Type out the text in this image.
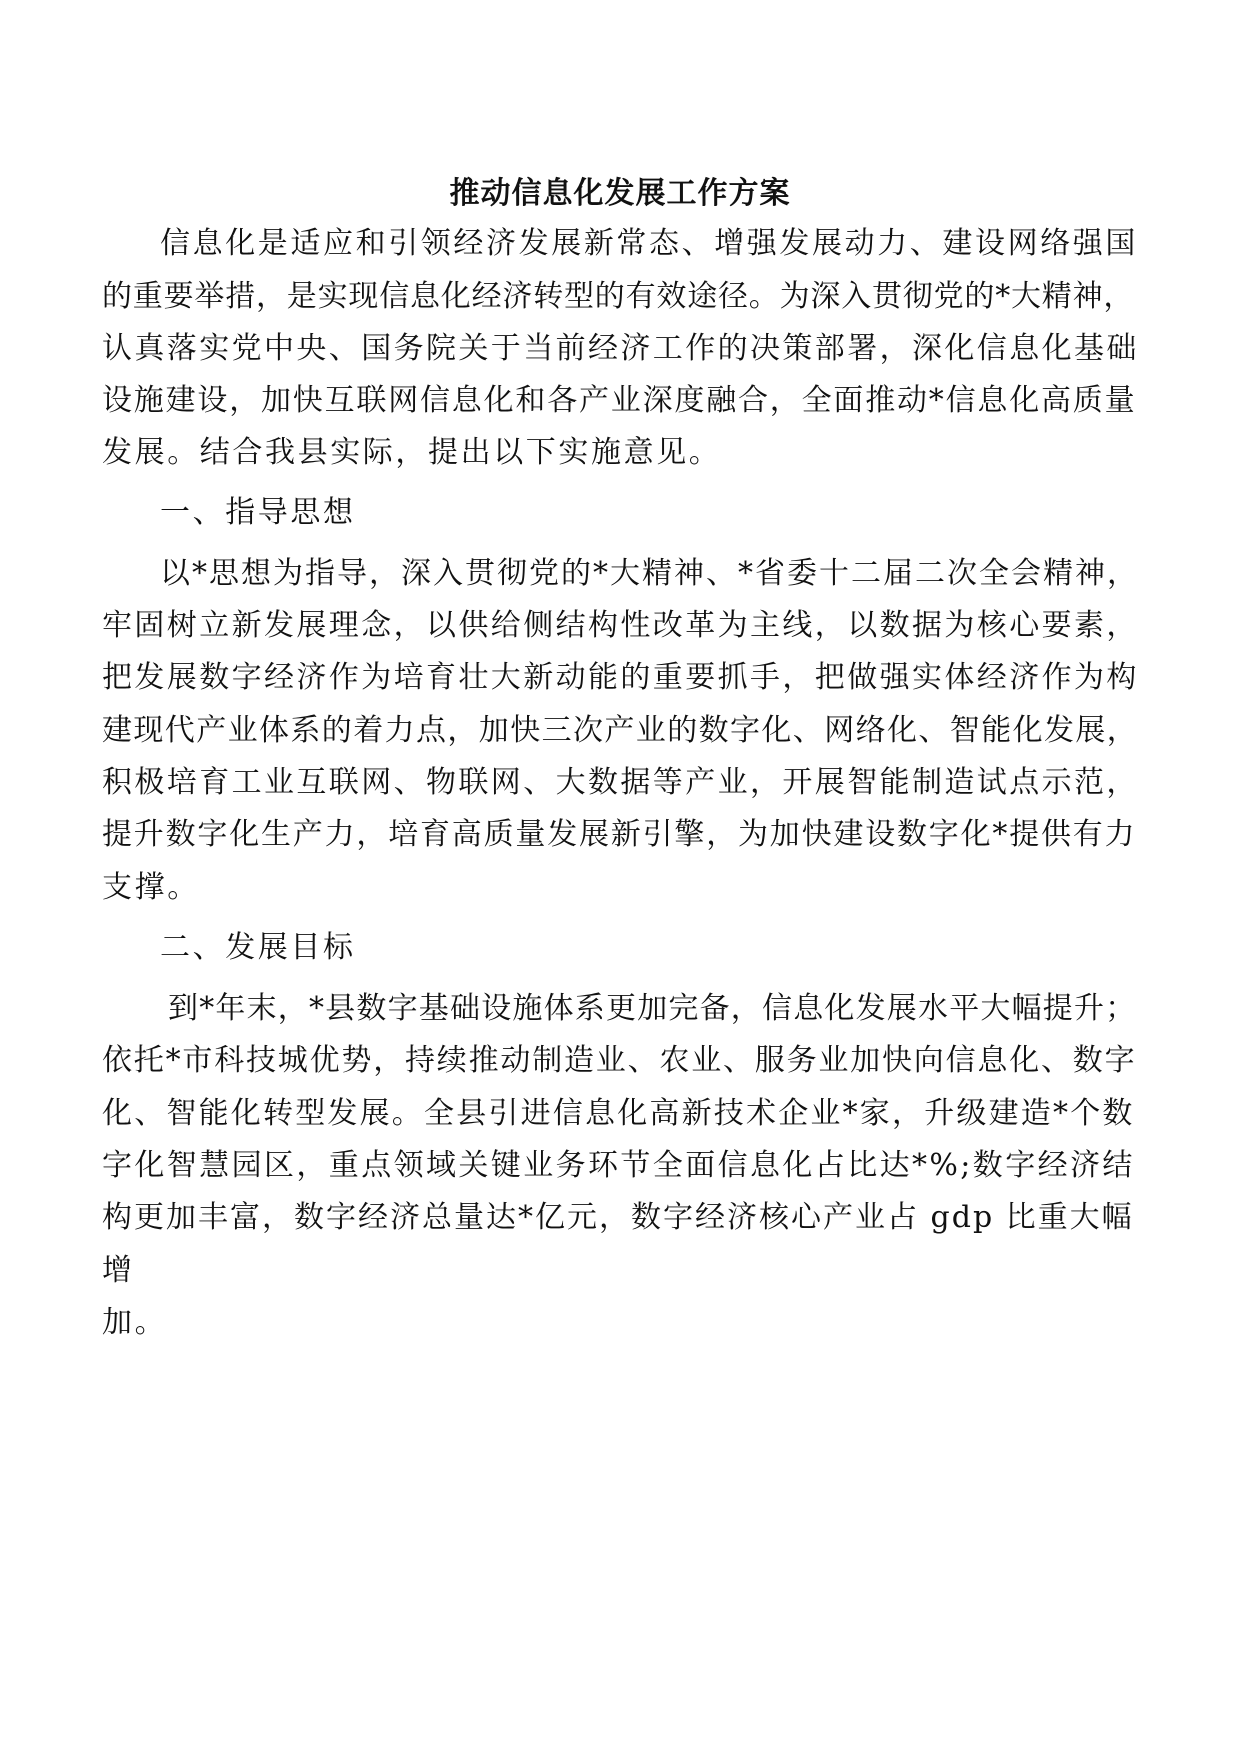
推动信息化发展工作方案

信息化是适应和引领经济发展新常态、增强发展动力、建设网络强国

的重要举措，是实现信息化经济转型的有效途径。为深入贯彻党的*大精神，

认真落实党中央、国务院关于当前经济工作的决策部署，深化信息化基础

设施建设，加快互联网信息化和各产业深度融合，全面推动*信息化高质量

发展。结合我县实际，提出以下实施意见。

一、指导思想

以*思想为指导，深入贯彻党的*大精神、*省委十二届二次全会精神，

牢固树立新发展理念，以供给侧结构性改革为主线，以数据为核心要素，

把发展数字经济作为培育壮大新动能的重要抓手，把做强实体经济作为构

建现代产业体系的着力点，加快三次产业的数字化、网络化、智能化发展，

积极培育工业互联网、物联网、大数据等产业，开展智能制造试点示范，

提升数字化生产力，培育高质量发展新引擎，为加快建设数字化*提供有力

支撑。

二、发展目标

到*年末，*县数字基础设施体系更加完备，信息化发展水平大幅提升；

依托*市科技城优势，持续推动制造业、农业、服务业加快向信息化、数字

化、智能化转型发展。全县引进信息化高新技术企业*家，升级建造*个数

字化智慧园区，重点领域关键业务环节全面信息化占比达*%;数字经济结

构更加丰富，数字经济总量达*亿元，数字经济核心产业占 gdp 比重大幅

增

加。
